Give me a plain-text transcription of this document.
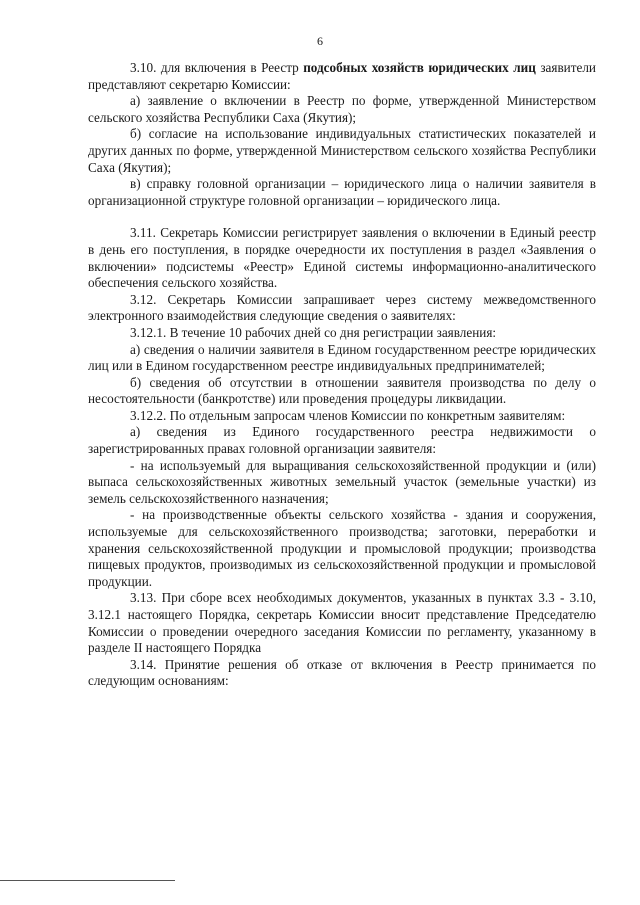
6

3.10. для включения в Реестр подсобных хозяйств юридических лиц заявители представляют секретарю Комиссии:

а) заявление о включении в Реестр по форме, утвержденной Министерством сельского хозяйства Республики Саха (Якутия);

б) согласие на использование индивидуальных статистических показателей и других данных по форме, утвержденной Министерством сельского хозяйства Республики Саха (Якутия);

в) справку головной организации – юридического лица о наличии заявителя в организационной структуре головной организации – юридического лица.

3.11. Секретарь Комиссии регистрирует заявления о включении в Единый реестр в день его поступления, в порядке очередности их поступления в раздел «Заявления о включении» подсистемы «Реестр» Единой системы информационно-аналитического обеспечения сельского хозяйства.

3.12. Секретарь Комиссии запрашивает через систему межведомственного электронного взаимодействия следующие сведения о заявителях:

3.12.1. В течение 10 рабочих дней со дня регистрации заявления:

а) сведения о наличии заявителя в Едином государственном реестре юридических лиц или в Едином государственном реестре индивидуальных предпринимателей;

б) сведения об отсутствии в отношении заявителя производства по делу о несостоятельности (банкротстве) или проведения процедуры ликвидации.

3.12.2. По отдельным запросам членов Комиссии по конкретным заявителям:

а) сведения из Единого государственного реестра недвижимости о зарегистрированных правах головной организации заявителя:

- на используемый для выращивания сельскохозяйственной продукции и (или) выпаса сельскохозяйственных животных земельный участок (земельные участки) из земель сельскохозяйственного назначения;

- на производственные объекты сельского хозяйства - здания и сооружения, используемые для сельскохозяйственного производства; заготовки, переработки и хранения сельскохозяйственной продукции и промысловой продукции; производства пищевых продуктов, производимых из сельскохозяйственной продукции и промысловой продукции.

3.13. При сборе всех необходимых документов, указанных в пунктах 3.3 - 3.10, 3.12.1 настоящего Порядка, секретарь Комиссии вносит представление Председателю Комиссии о проведении очередного заседания Комиссии по регламенту, указанному в разделе II настоящего Порядка

3.14. Принятие решения об отказе от включения в Реестр принимается по следующим основаниям:
